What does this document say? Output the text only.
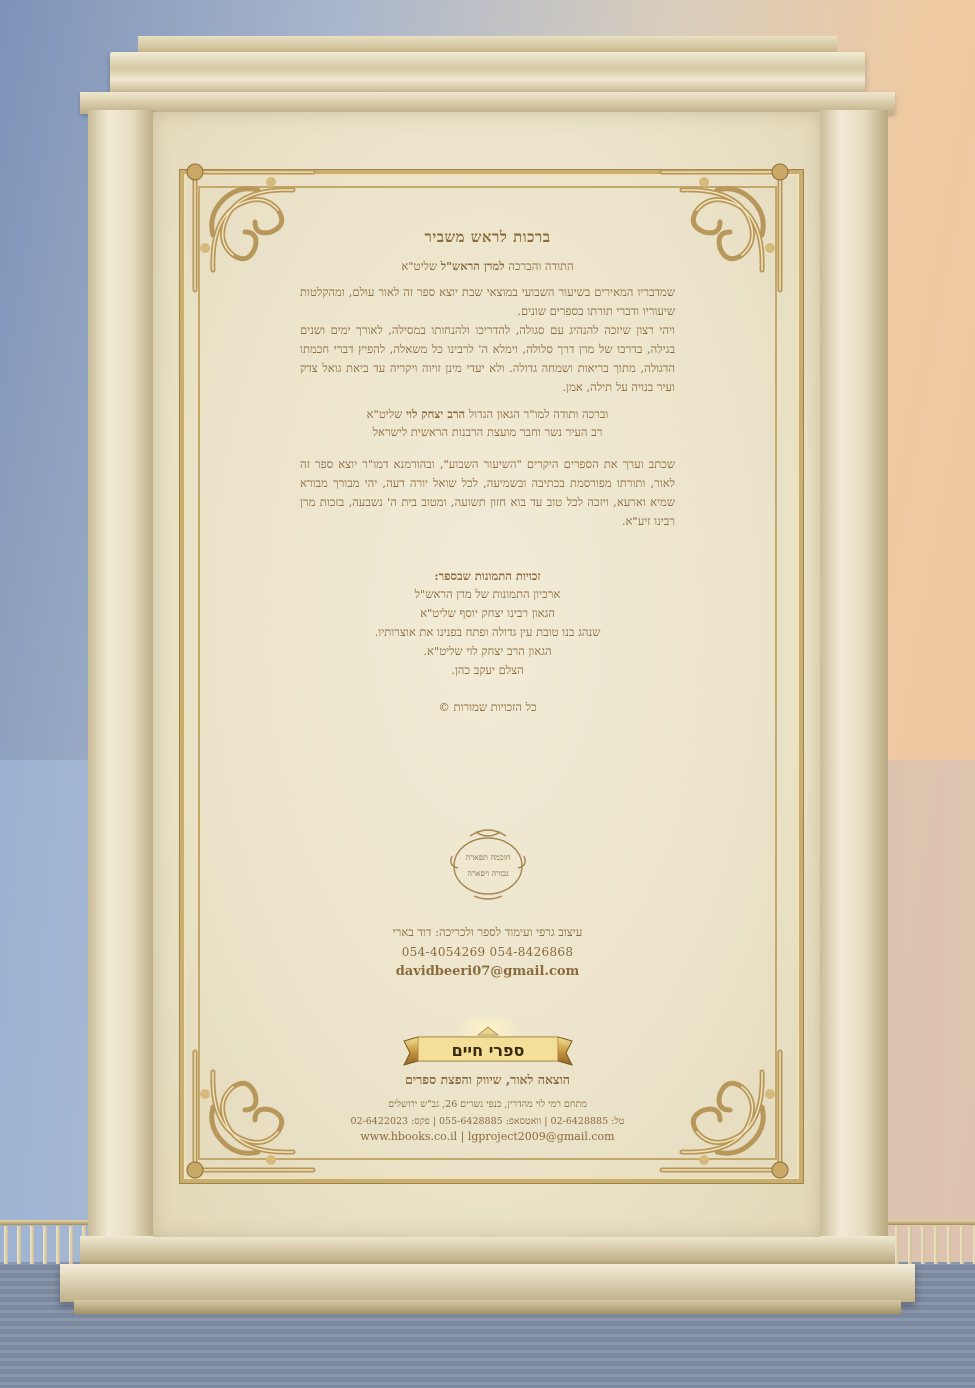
ברכות לראש משביר
התודה והברכה למרן הראש"ל שליט"א

שמדבריו המאירים בשיעור השבועי במוצאי שבת יוצא ספר זה לאור עולם, ומהקלטות שיעוריו ודברי תורתו בספרים שונים.

ויהי רצון שיזכה להנהיג עם סגולה, להדריכו ולהנחותו במסילה, לאורך ימים ושנים בגילה, בדרכו של מרן דרך סלולה, וימלא ה' לרבינו כל משאלה, להפיץ דברי חכמתו הדגולה, מתוך בריאות ושמחה גדולה. ולא יעדי מינן זויוה ויקריה עד ביאת גואל צדק ועיר בנויה על תילה, אמן.

וברכה ותודה למו"ר הגאון הגדול הרב יצחק לוי שליט"א
רב העיר נשר וחבר מועצת הרבנות הראשית לישראל

שכתב וערך את הספרים היקרים "השיעור השבוע", ובהורמנא דמו"ר יוצא ספר זה לאור, ותורתו מפורסמת בכתיבה ובשמיעה, לכל שואל יורה דעה, יהי מבורך מבורא שמיא וארעא, ויזכה לכל טוב עד בוא חזון תשועה, ומטוב בית ה' נשבעה, בזכות מרן רבינו זיע"א.

זכויות התמונות שבספר:

ארכיון התמונות של מרן הראש"ל

הגאון רבינו יצחק יוסף שליט"א

שנהג בנו טובת עין גדולה ופתח בפנינו את אוצרותיו.

הגאון הרב יצחק לוי שליט"א.

הצלם יעקב כהן.

כל הזכויות שמורות ©
חוכמה תפארה
גבורה ויפארה
עיצוב גרפי ועימוד לספר ולכריכה: דוד בארי
054-4054269 054-8426868
davidbeeri07@gmail.com
ספרי חיים
הוצאה לאור, שיווק והפצת ספרים

מתחם רמי לוי מהדרין, כנפי נשרים 26, גב"ש ירושלים

טל: 02-6428885 | וואטסאפ: 055-6428885 | פקס: 02-6422023

www.hbooks.co.il | lgproject2009@gmail.com
